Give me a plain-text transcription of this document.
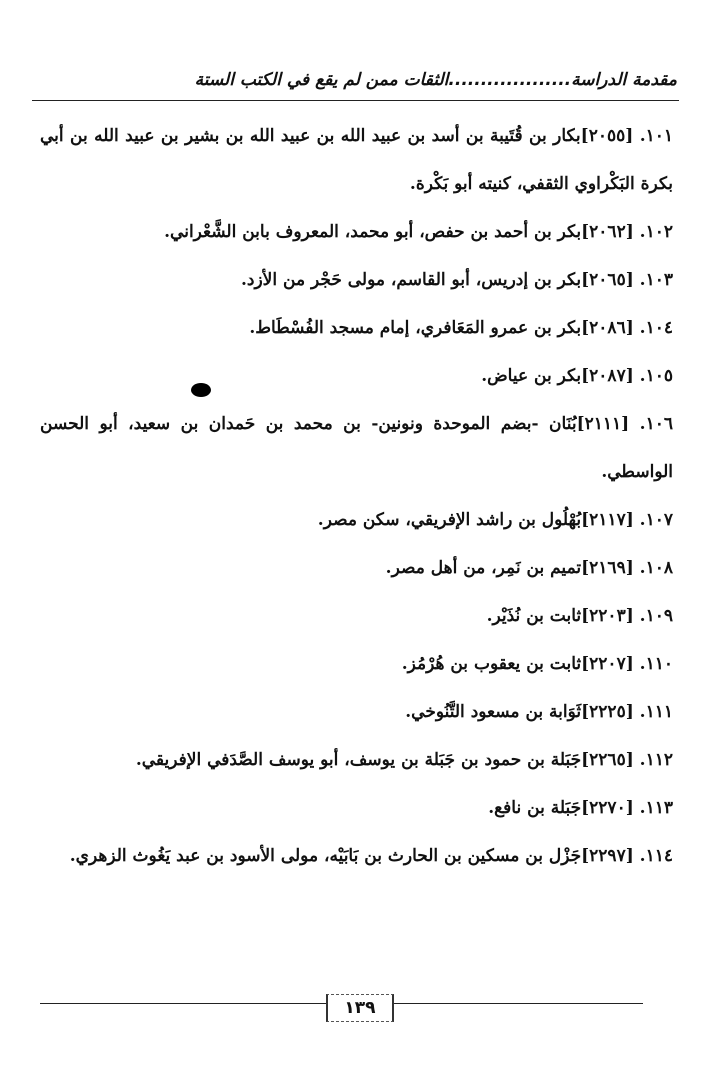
مقدمة الدراسة...................الثقات ممن لم يقع في الكتب الستة
١٠١. [٢٠٥٥]بكار بن قُتَيبة بن أسد بن عبيد الله بن عبيد الله بن بشير بن عبيد الله بن أبي بكرة البَكْراوي الثقفي، كنيته أبو بَكْرة.
١٠٢. [٢٠٦٢]بكر بن أحمد بن حفص، أبو محمد، المعروف بابن الشَّعْراني.
١٠٣. [٢٠٦٥]بكر بن إدريس، أبو القاسم، مولى حَجْر من الأزد.
١٠٤. [٢٠٨٦]بكر بن عمرو المَعَافري، إمام مسجد الفُسْطَاط.
١٠٥. [٢٠٨٧]بكر بن عياض.
١٠٦. [٢١١١]بُنَان -بضم الموحدة ونونين- بن محمد بن حَمدان بن سعيد، أبو الحسن الواسطي.
١٠٧. [٢١١٧]بُهْلُول بن راشد الإفريقي، سكن مصر.
١٠٨. [٢١٦٩]تميم بن نَمِر، من أهل مصر.
١٠٩. [٢٢٠٣]ثابت بن نُذَيْر.
١١٠. [٢٢٠٧]ثابت بن يعقوب بن هُرْمُز.
١١١. [٢٢٢٥]ثَوَابة بن مسعود التَّنُوخي.
١١٢. [٢٢٦٥]جَبَلة بن حمود بن جَبَلة بن يوسف، أبو يوسف الصَّدَفي الإفريقي.
١١٣. [٢٢٧٠]جَبَلة بن نافع.
١١٤. [٢٢٩٧]جَزْل بن مسكين بن الحارث بن بَابَيْه، مولى الأسود بن عبد يَغُوث الزهري.
١٣٩
